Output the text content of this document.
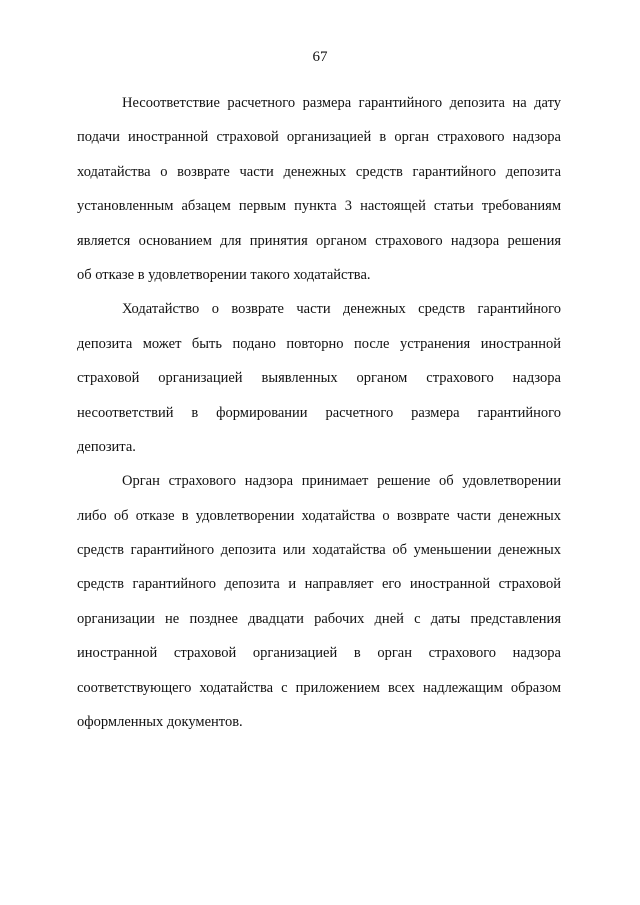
67

Несоответствие расчетного размера гарантийного депозита на дату
подачи иностранной страховой организацией в орган страхового надзора
ходатайства о возврате части денежных средств гарантийного депозита
установленным абзацем первым пункта 3 настоящей статьи требованиям
является основанием для принятия органом страхового надзора решения
об отказе в удовлетворении такого ходатайства.

Ходатайство о возврате части денежных средств гарантийного
депозита может быть подано повторно после устранения иностранной
страховой организацией выявленных органом страхового надзора
несоответствий в формировании расчетного размера гарантийного
депозита.

Орган страхового надзора принимает решение об удовлетворении
либо об отказе в удовлетворении ходатайства о возврате части денежных
средств гарантийного депозита или ходатайства об уменьшении денежных
средств гарантийного депозита и направляет его иностранной страховой
организации не позднее двадцати рабочих дней с даты представления
иностранной страховой организацией в орган страхового надзора
соответствующего ходатайства с приложением всех надлежащим образом
оформленных документов.
